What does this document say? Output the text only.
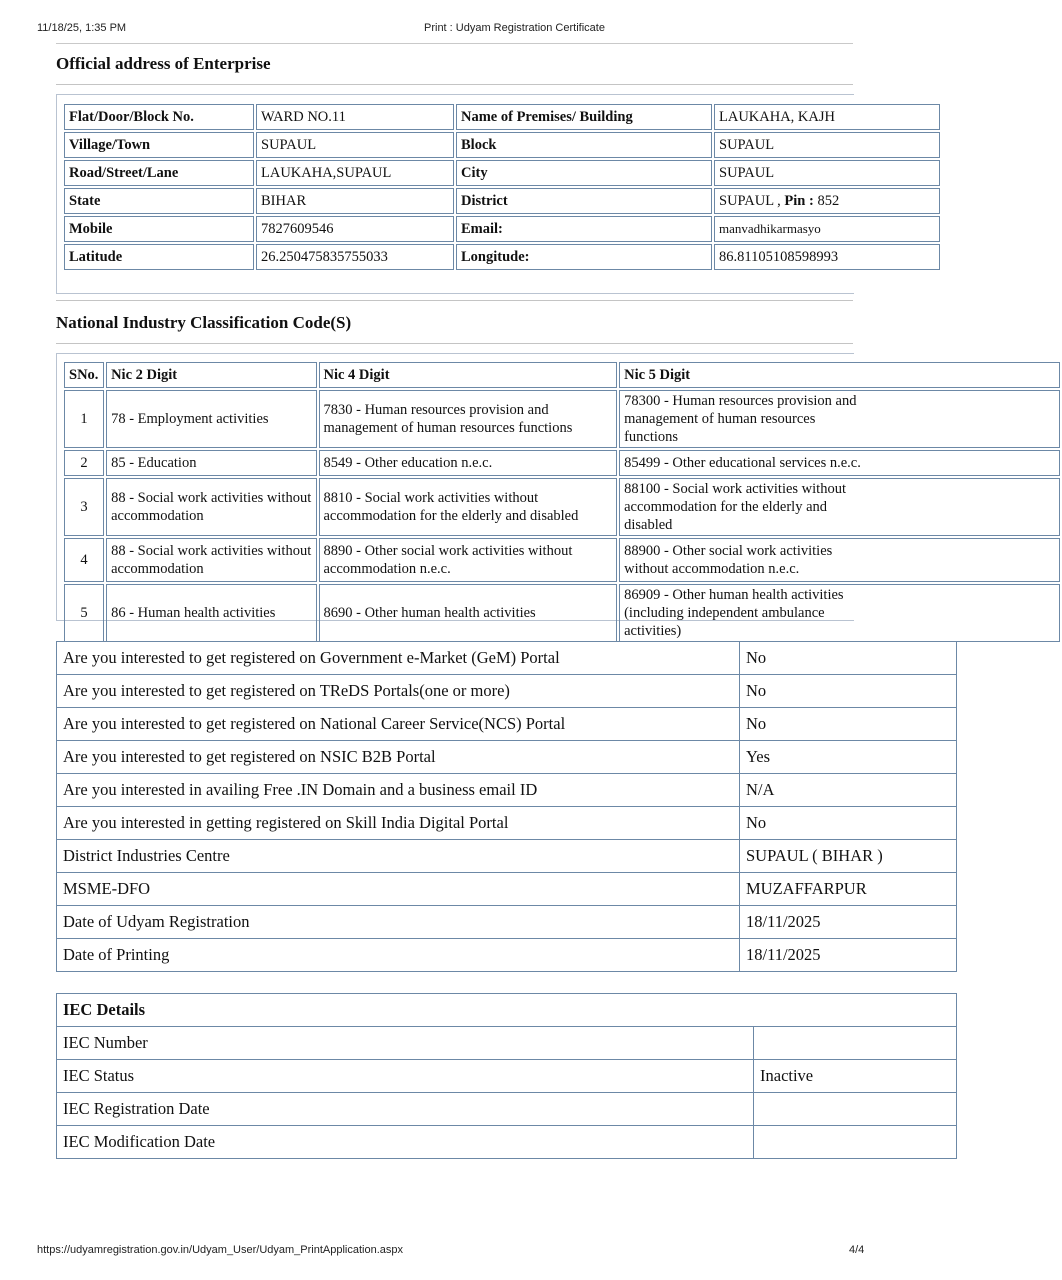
11/18/25, 1:35 PM	Print : Udyam Registration Certificate
Official address of Enterprise
Flat/Door/Block No.	WARD NO.11	Name of Premises/ Building	LAUKAHA, KAJH
Village/Town	SUPAUL	Block	SUPAUL
Road/Street/Lane	LAUKAHA,SUPAUL	City	SUPAUL
State	BIHAR	District	SUPAUL , Pin : 852
Mobile	7827609546	Email:	manvadhikarmasyo
Latitude	26.250475835755033	Longitude:	86.81105108598993
National Industry Classification Code(S)
SNo.	Nic 2 Digit	Nic 4 Digit	Nic 5 Digit
1	78 - Employment activities	7830 - Human resources provision and management of human resources functions	78300 - Human resources provision and management of human resources functions
2	85 - Education	8549 - Other education n.e.c.	85499 - Other educational services n.e.c.
3	88 - Social work activities without accommodation	8810 - Social work activities without accommodation for the elderly and disabled	88100 - Social work activities without accommodation for the elderly and disabled
4	88 - Social work activities without accommodation	8890 - Other social work activities without accommodation n.e.c.	88900 - Other social work activities without accommodation n.e.c.
5	86 - Human health activities	8690 - Other human health activities	86909 - Other human health activities (including independent ambulance activities)
Are you interested to get registered on Government e-Market (GeM) Portal	No
Are you interested to get registered on TReDS Portals(one or more)	No
Are you interested to get registered on National Career Service(NCS) Portal	No
Are you interested to get registered on NSIC B2B Portal	Yes
Are you interested in availing Free .IN Domain and a business email ID	N/A
Are you interested in getting registered on Skill India Digital Portal	No
District Industries Centre	SUPAUL ( BIHAR )
MSME-DFO	MUZAFFARPUR
Date of Udyam Registration	18/11/2025
Date of Printing	18/11/2025
IEC Details	
IEC Number	
IEC Status	Inactive
IEC Registration Date	
IEC Modification Date	
https://udyamregistration.gov.in/Udyam_User/Udyam_PrintApplication.aspx	4/4
